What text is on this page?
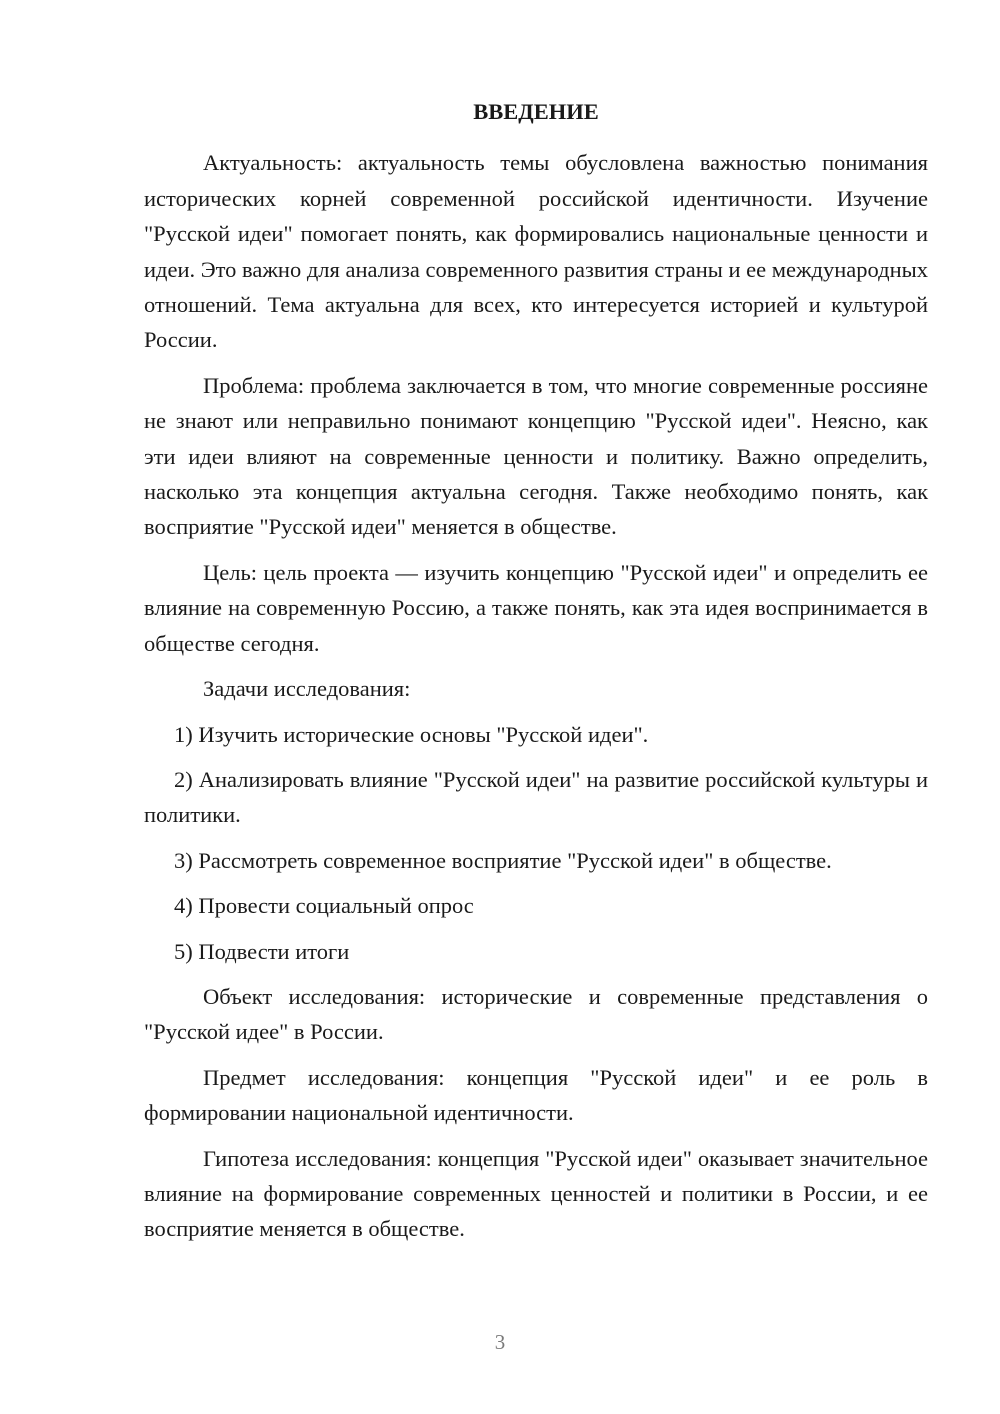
ВВЕДЕНИЕ

Актуальность: актуальность темы обусловлена важностью понимания исторических корней современной российской идентичности. Изучение "Русской идеи" помогает понять, как формировались национальные ценности и идеи. Это важно для анализа современного развития страны и ее международных отношений. Тема актуальна для всех, кто интересуется историей и культурой России.

Проблема: проблема заключается в том, что многие современные россияне не знают или неправильно понимают концепцию "Русской идеи". Неясно, как эти идеи влияют на современные ценности и политику. Важно определить, насколько эта концепция актуальна сегодня. Также необходимо понять, как восприятие "Русской идеи" меняется в обществе.

Цель: цель проекта — изучить концепцию "Русской идеи" и определить ее влияние на современную Россию, а также понять, как эта идея воспринимается в обществе сегодня.

Задачи исследования:

1) Изучить исторические основы "Русской идеи".

2) Анализировать влияние "Русской идеи" на развитие российской культуры и политики.

3) Рассмотреть современное восприятие "Русской идеи" в обществе.

4) Провести социальный опрос

5) Подвести итоги

Объект исследования: исторические и современные представления о "Русской идее" в России.

Предмет исследования: концепция "Русской идеи" и ее роль в формировании национальной идентичности.

Гипотеза исследования: концепция "Русской идеи" оказывает значительное влияние на формирование современных ценностей и политики в России, и ее восприятие меняется в обществе.

3
